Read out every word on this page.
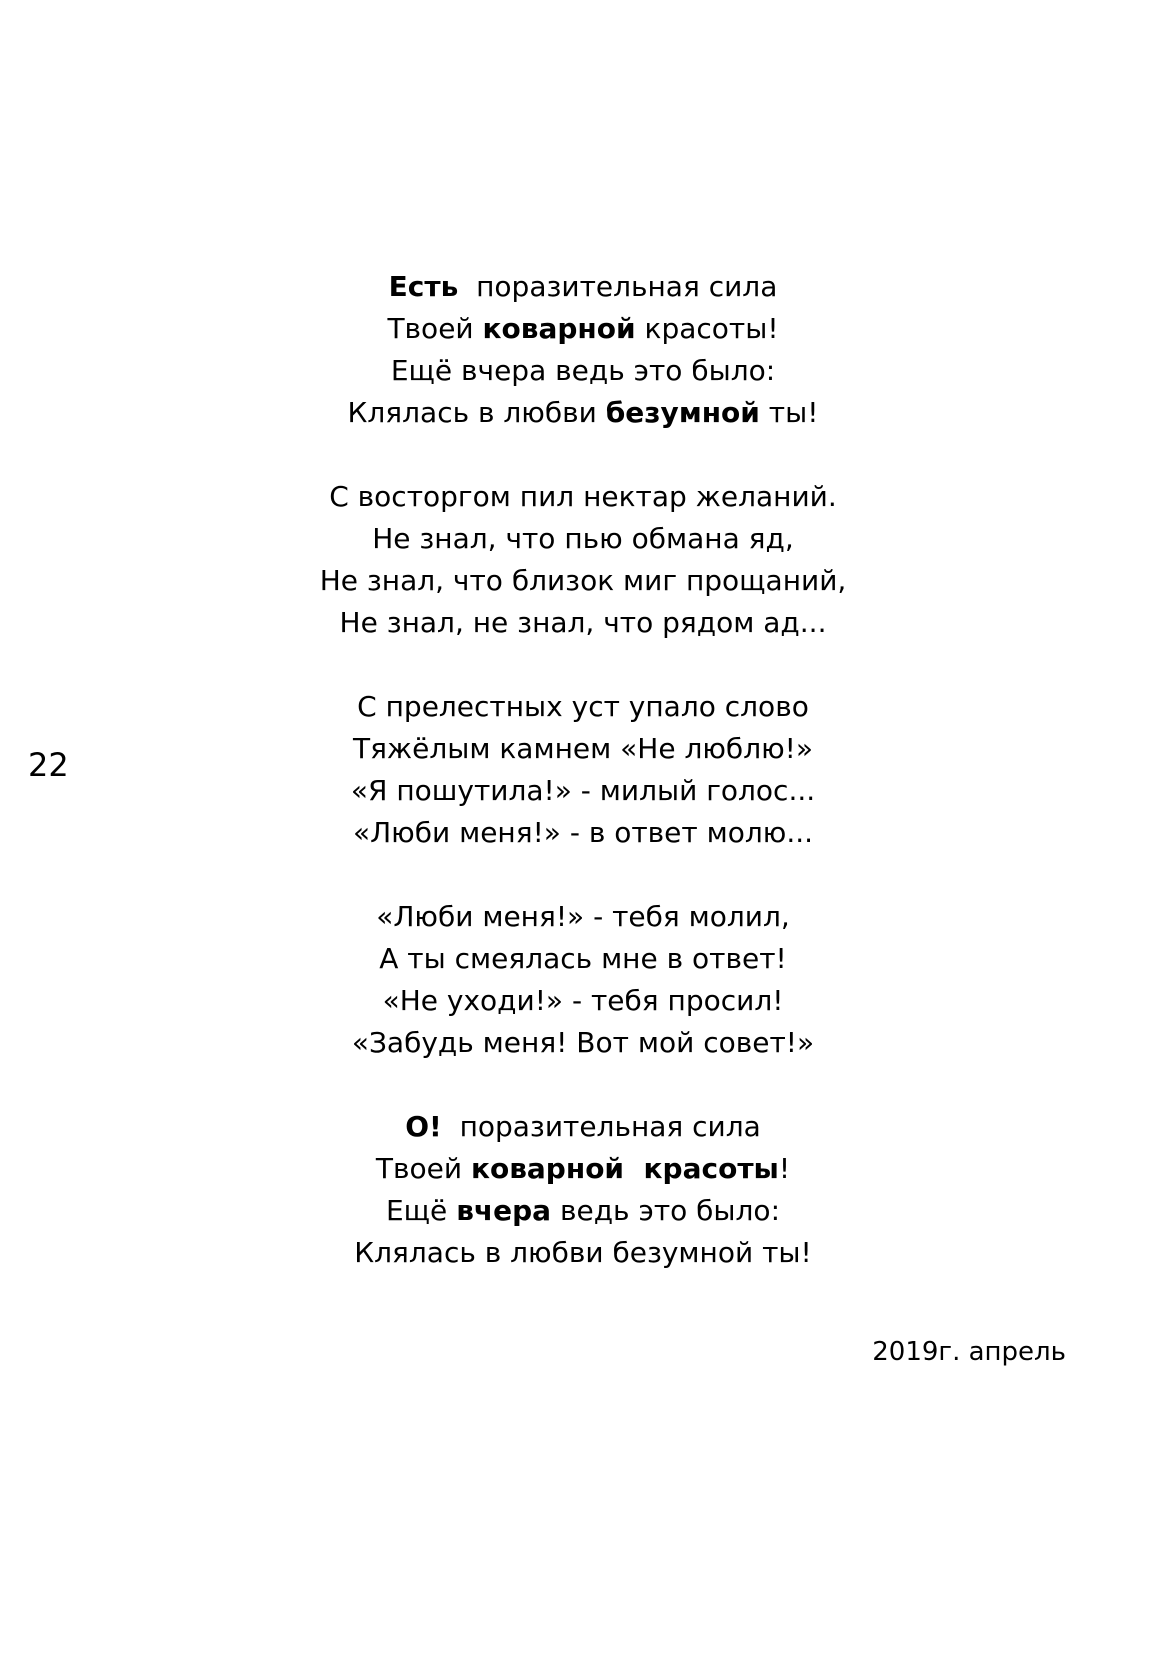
22
Есть  поразительная сила
Твоей коварной красоты!
Ещё вчера ведь это было:
Клялась в любви безумной ты!
С восторгом пил нектар желаний.
Не знал, что пью обмана яд,
Не знал, что близок миг прощаний,
Не знал, не знал, что рядом ад...
С прелестных уст упало слово
Тяжёлым камнем «Не люблю!»
«Я пошутила!» - милый голос...
«Люби меня!» - в ответ молю...
«Люби меня!» - тебя молил,
А ты смеялась мне в ответ!
«Не уходи!» - тебя просил!
«Забудь меня! Вот мой совет!»
О!  поразительная сила
Твоей коварной  красоты!
Ещё вчера ведь это было:
Клялась в любви безумной ты!
2019г. апрель
